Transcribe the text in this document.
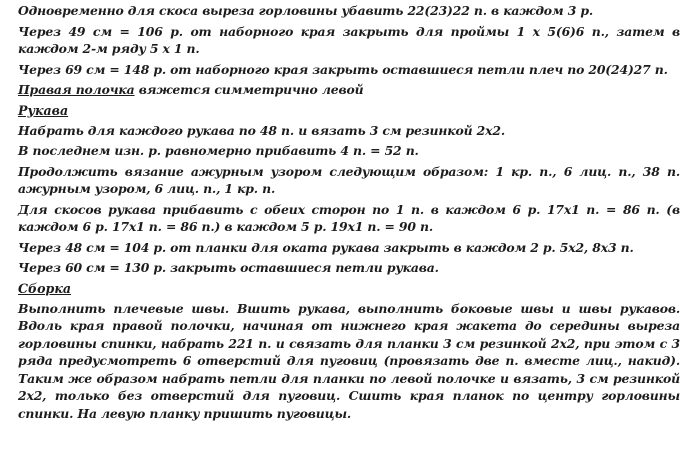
Одновременно для скоса выреза горловины убавить 22(23)22 п. в каждом 3 р.

Через 49 см = 106 р. от наборного края закрыть для проймы 1 х 5(6)6 п., затем в каждом 2-м ряду 5 х 1 п.

Через 69 см = 148 р. от наборного края закрыть оставшиеся петли плеч по 20(24)27 п.

Правая полочка вяжется симметрично левой

Рукава

Набрать для каждого рукава по 48 п. и вязать 3 см резинкой 2х2.

В последнем изн. р. равномерно прибавить 4 п. = 52 п.

Продолжить вязание ажурным узором следующим образом: 1 кр. п., 6 лиц. п., 38 п. ажурным узором, 6 лиц. п., 1 кр. п.

Для скосов рукава прибавить с обеих сторон по 1 п. в каждом 6 р. 17х1 п. = 86 п. (в каждом 6 р. 17х1 п. = 86 п.) в каждом 5 р. 19х1 п. = 90 п.

Через 48 см = 104 р. от планки для оката рукава закрыть в каждом 2 р. 5х2, 8х3 п.

Через 60 см = 130 р. закрыть оставшиеся петли рукава.

Сборка

Выполнить плечевые швы. Вшить рукава, выполнить боковые швы и швы рукавов. Вдоль края правой полочки, начиная от нижнего края жакета до середины выреза горловины спинки, набрать 221 п. и связать для планки 3 см резинкой 2х2, при этом с 3 ряда предусмотреть 6 отверстий для пуговиц (провязать две п. вместе лиц., накид). Таким же образом набрать петли для планки по левой полочке и вязать, 3 см резинкой 2х2, только без отверстий для пуговиц. Сшить края планок по центру горловины спинки. На левую планку пришить пуговицы.
